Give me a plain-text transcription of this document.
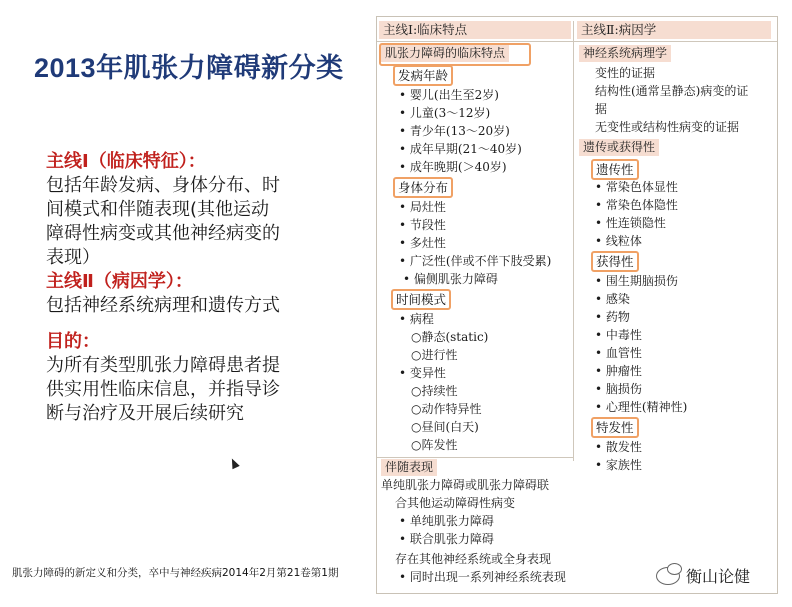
2013年肌张力障碍新分类
主线Ⅰ（临床特征）：
包括年龄发病、身体分布、时
间模式和伴随表现(其他运动
障碍性病变或其他神经病变的
表现）
主线Ⅱ（病因学）：
包括神经系统病理和遗传方式
目的：
为所有类型肌张力障碍患者提
供实用性临床信息，并指导诊
断与治疗及开展后续研究
肌张力障碍的新定义和分类，卒中与神经疾病2014年2月第21卷第1期
主线Ⅰ:临床特点	主线Ⅱ:病因学
肌张力障碍的临床特点
发病年龄
• 婴儿(出生至2岁)
• 儿童(3～12岁)
• 青少年(13～20岁)
• 成年早期(21～40岁)
• 成年晚期(＞40岁)
身体分布
• 局灶性
• 节段性
• 多灶性
• 广泛性(伴或不伴下肢受累)
• 偏侧肌张力障碍
时间模式
• 病程
○静态(static)
○进行性
• 变异性
○持续性
○动作特异性
○昼间(白天)
○阵发性
神经系统病理学
变性的证据
结构性(通常呈静态)病变的证
据
无变性或结构性病变的证据
遗传或获得性
遗传性
• 常染色体显性
• 常染色体隐性
• 性连锁隐性
• 线粒体
获得性
• 围生期脑损伤
• 感染
• 药物
• 中毒性
• 血管性
• 肿瘤性
• 脑损伤
• 心理性(精神性)
特发性
• 散发性
• 家族性
伴随表现
单纯肌张力障碍或肌张力障碍联
合其他运动障碍性病变
• 单纯肌张力障碍
• 联合肌张力障碍
存在其他神经系统或全身表现
• 同时出现一系列神经系统表现	衡山论健
